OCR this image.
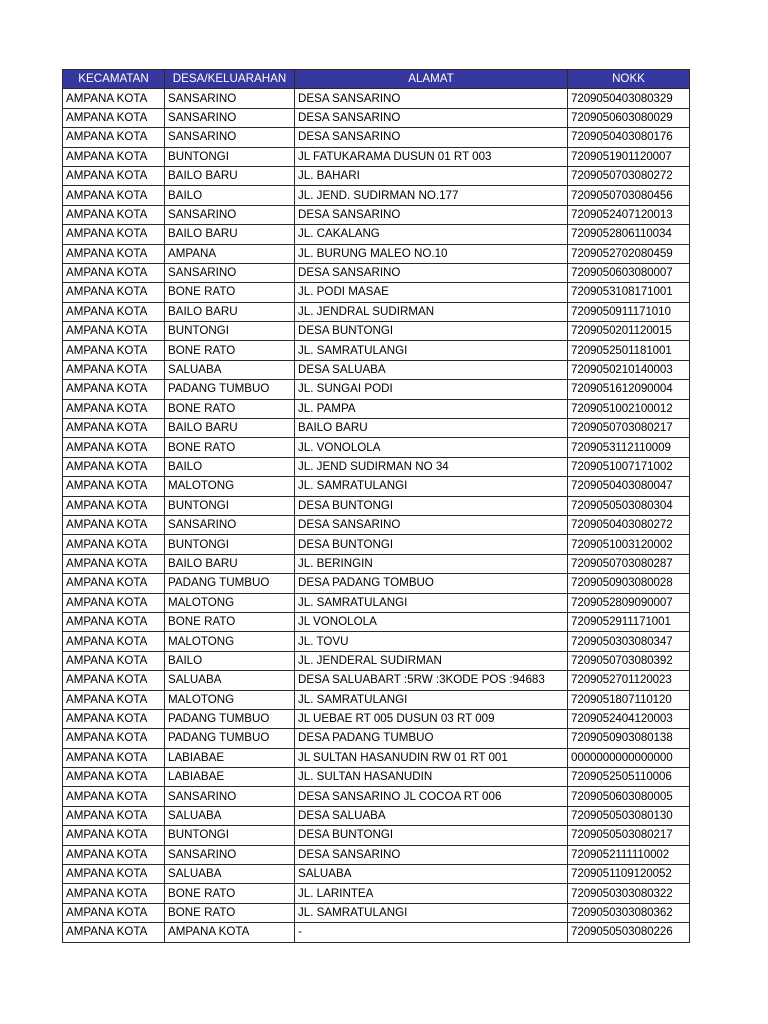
KECAMATAN	DESA/KELUARAHAN	ALAMAT	NOKK
AMPANA KOTA	SANSARINO	DESA SANSARINO	7209050403080329
AMPANA KOTA	SANSARINO	DESA SANSARINO	7209050603080029
AMPANA KOTA	SANSARINO	DESA SANSARINO	7209050403080176
AMPANA KOTA	BUNTONGI	JL FATUKARAMA DUSUN 01 RT 003	7209051901120007
AMPANA KOTA	BAILO BARU	JL. BAHARI	7209050703080272
AMPANA KOTA	BAILO	JL. JEND. SUDIRMAN NO.177	7209050703080456
AMPANA KOTA	SANSARINO	DESA SANSARINO	7209052407120013
AMPANA KOTA	BAILO BARU	JL. CAKALANG	7209052806110034
AMPANA KOTA	AMPANA	JL. BURUNG MALEO NO.10	7209052702080459
AMPANA KOTA	SANSARINO	DESA SANSARINO	7209050603080007
AMPANA KOTA	BONE RATO	JL. PODI MASAE	7209053108171001
AMPANA KOTA	BAILO BARU	JL. JENDRAL SUDIRMAN	7209050911171010
AMPANA KOTA	BUNTONGI	DESA BUNTONGI	7209050201120015
AMPANA KOTA	BONE RATO	JL. SAMRATULANGI	7209052501181001
AMPANA KOTA	SALUABA	DESA SALUABA	7209050210140003
AMPANA KOTA	PADANG TUMBUO	JL. SUNGAI PODI	7209051612090004
AMPANA KOTA	BONE RATO	JL. PAMPA	7209051002100012
AMPANA KOTA	BAILO BARU	BAILO BARU	7209050703080217
AMPANA KOTA	BONE RATO	JL. VONOLOLA	7209053112110009
AMPANA KOTA	BAILO	JL. JEND SUDIRMAN NO 34	7209051007171002
AMPANA KOTA	MALOTONG	JL. SAMRATULANGI	7209050403080047
AMPANA KOTA	BUNTONGI	DESA BUNTONGI	7209050503080304
AMPANA KOTA	SANSARINO	DESA SANSARINO	7209050403080272
AMPANA KOTA	BUNTONGI	DESA BUNTONGI	7209051003120002
AMPANA KOTA	BAILO BARU	JL. BERINGIN	7209050703080287
AMPANA KOTA	PADANG TUMBUO	DESA PADANG TOMBUO	7209050903080028
AMPANA KOTA	MALOTONG	JL. SAMRATULANGI	7209052809090007
AMPANA KOTA	BONE RATO	JL VONOLOLA	7209052911171001
AMPANA KOTA	MALOTONG	JL. TOVU	7209050303080347
AMPANA KOTA	BAILO	JL. JENDERAL SUDIRMAN	7209050703080392
AMPANA KOTA	SALUABA	DESA SALUABART :5RW :3KODE POS :94683	7209052701120023
AMPANA KOTA	MALOTONG	JL. SAMRATULANGI	7209051807110120
AMPANA KOTA	PADANG TUMBUO	JL UEBAE RT 005 DUSUN 03 RT 009	7209052404120003
AMPANA KOTA	PADANG TUMBUO	DESA PADANG TUMBUO	7209050903080138
AMPANA KOTA	LABIABAE	JL SULTAN HASANUDIN RW 01 RT 001	0000000000000000
AMPANA KOTA	LABIABAE	JL. SULTAN HASANUDIN	7209052505110006
AMPANA KOTA	SANSARINO	DESA SANSARINO JL COCOA RT 006	7209050603080005
AMPANA KOTA	SALUABA	DESA SALUABA	7209050503080130
AMPANA KOTA	BUNTONGI	DESA BUNTONGI	7209050503080217
AMPANA KOTA	SANSARINO	DESA SANSARINO	7209052111110002
AMPANA KOTA	SALUABA	SALUABA	7209051109120052
AMPANA KOTA	BONE RATO	JL. LARINTEA	7209050303080322
AMPANA KOTA	BONE RATO	JL. SAMRATULANGI	7209050303080362
AMPANA KOTA	AMPANA KOTA	-	7209050503080226
